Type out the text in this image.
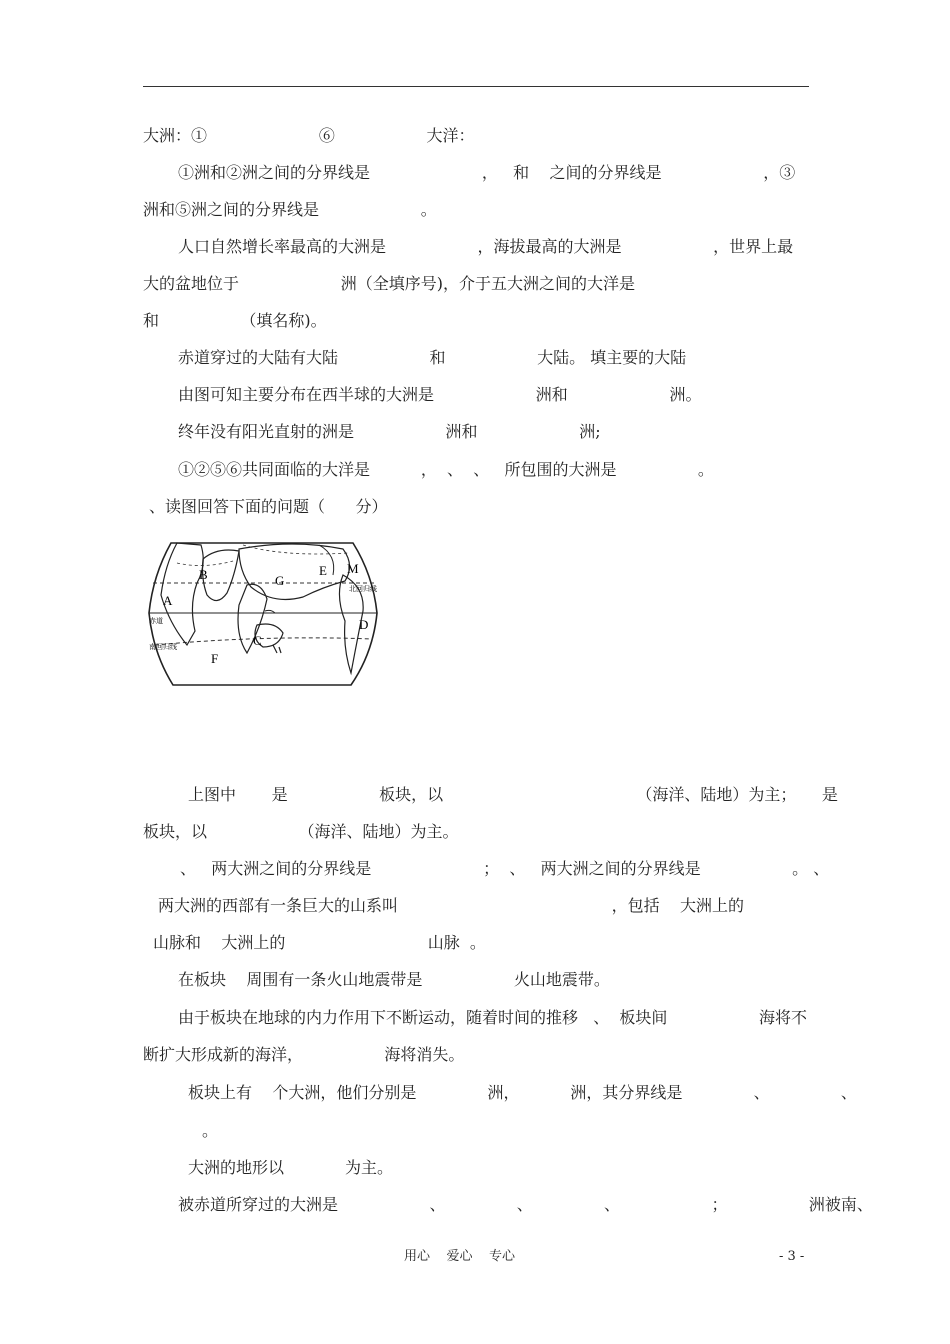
大洲：①                      ⑥                  大洋：
①洲和②洲之间的分界线是                      ，   和    之间的分界线是                    ，③
洲和⑤洲之间的分界线是                    。
人口自然增长率最高的大洲是                  ，海拔最高的大洲是                  ，世界上最
大的盆地位于                    洲（全填序号)，介于五大洲之间的大洋是
和                （填名称)。
赤道穿过的大陆有大陆                  和                  大陆。 填主要的大陆
由图可知主要分布在西半球的大洲是                    洲和                    洲。
终年没有阳光直射的洲是                  洲和                    洲;
①②⑤⑥共同面临的大洋是          ，  、  、   所包围的大洲是                。
、读图回答下面的问题（      分）
A
B	G
E M
D
C
F
赤道
南回归线
北回归线
上图中       是                  板块，以                                      （海洋、陆地）为主；     是
板块，以                  （海洋、陆地）为主。
、   两大洲之间的分界线是                      ；  、   两大洲之间的分界线是                  。 、
两大洲的西部有一条巨大的山系叫                                          ，包括    大洲上的
山脉和    大洲上的                            山脉  。
在板块    周围有一条火山地震带是                  火山地震带。
由于板块在地球的内力作用下不断运动，随着时间的推移   、  板块间                  海将不
断扩大形成新的海洋，                海将消失。
板块上有    个大洲，他们分别是              洲，          洲，其分界线是              、              、
。
大洲的地形以            为主。
被赤道所穿过的大洲是                  、              、              、                  ；                洲被南、
用心    爱心    专心	- 3 -
